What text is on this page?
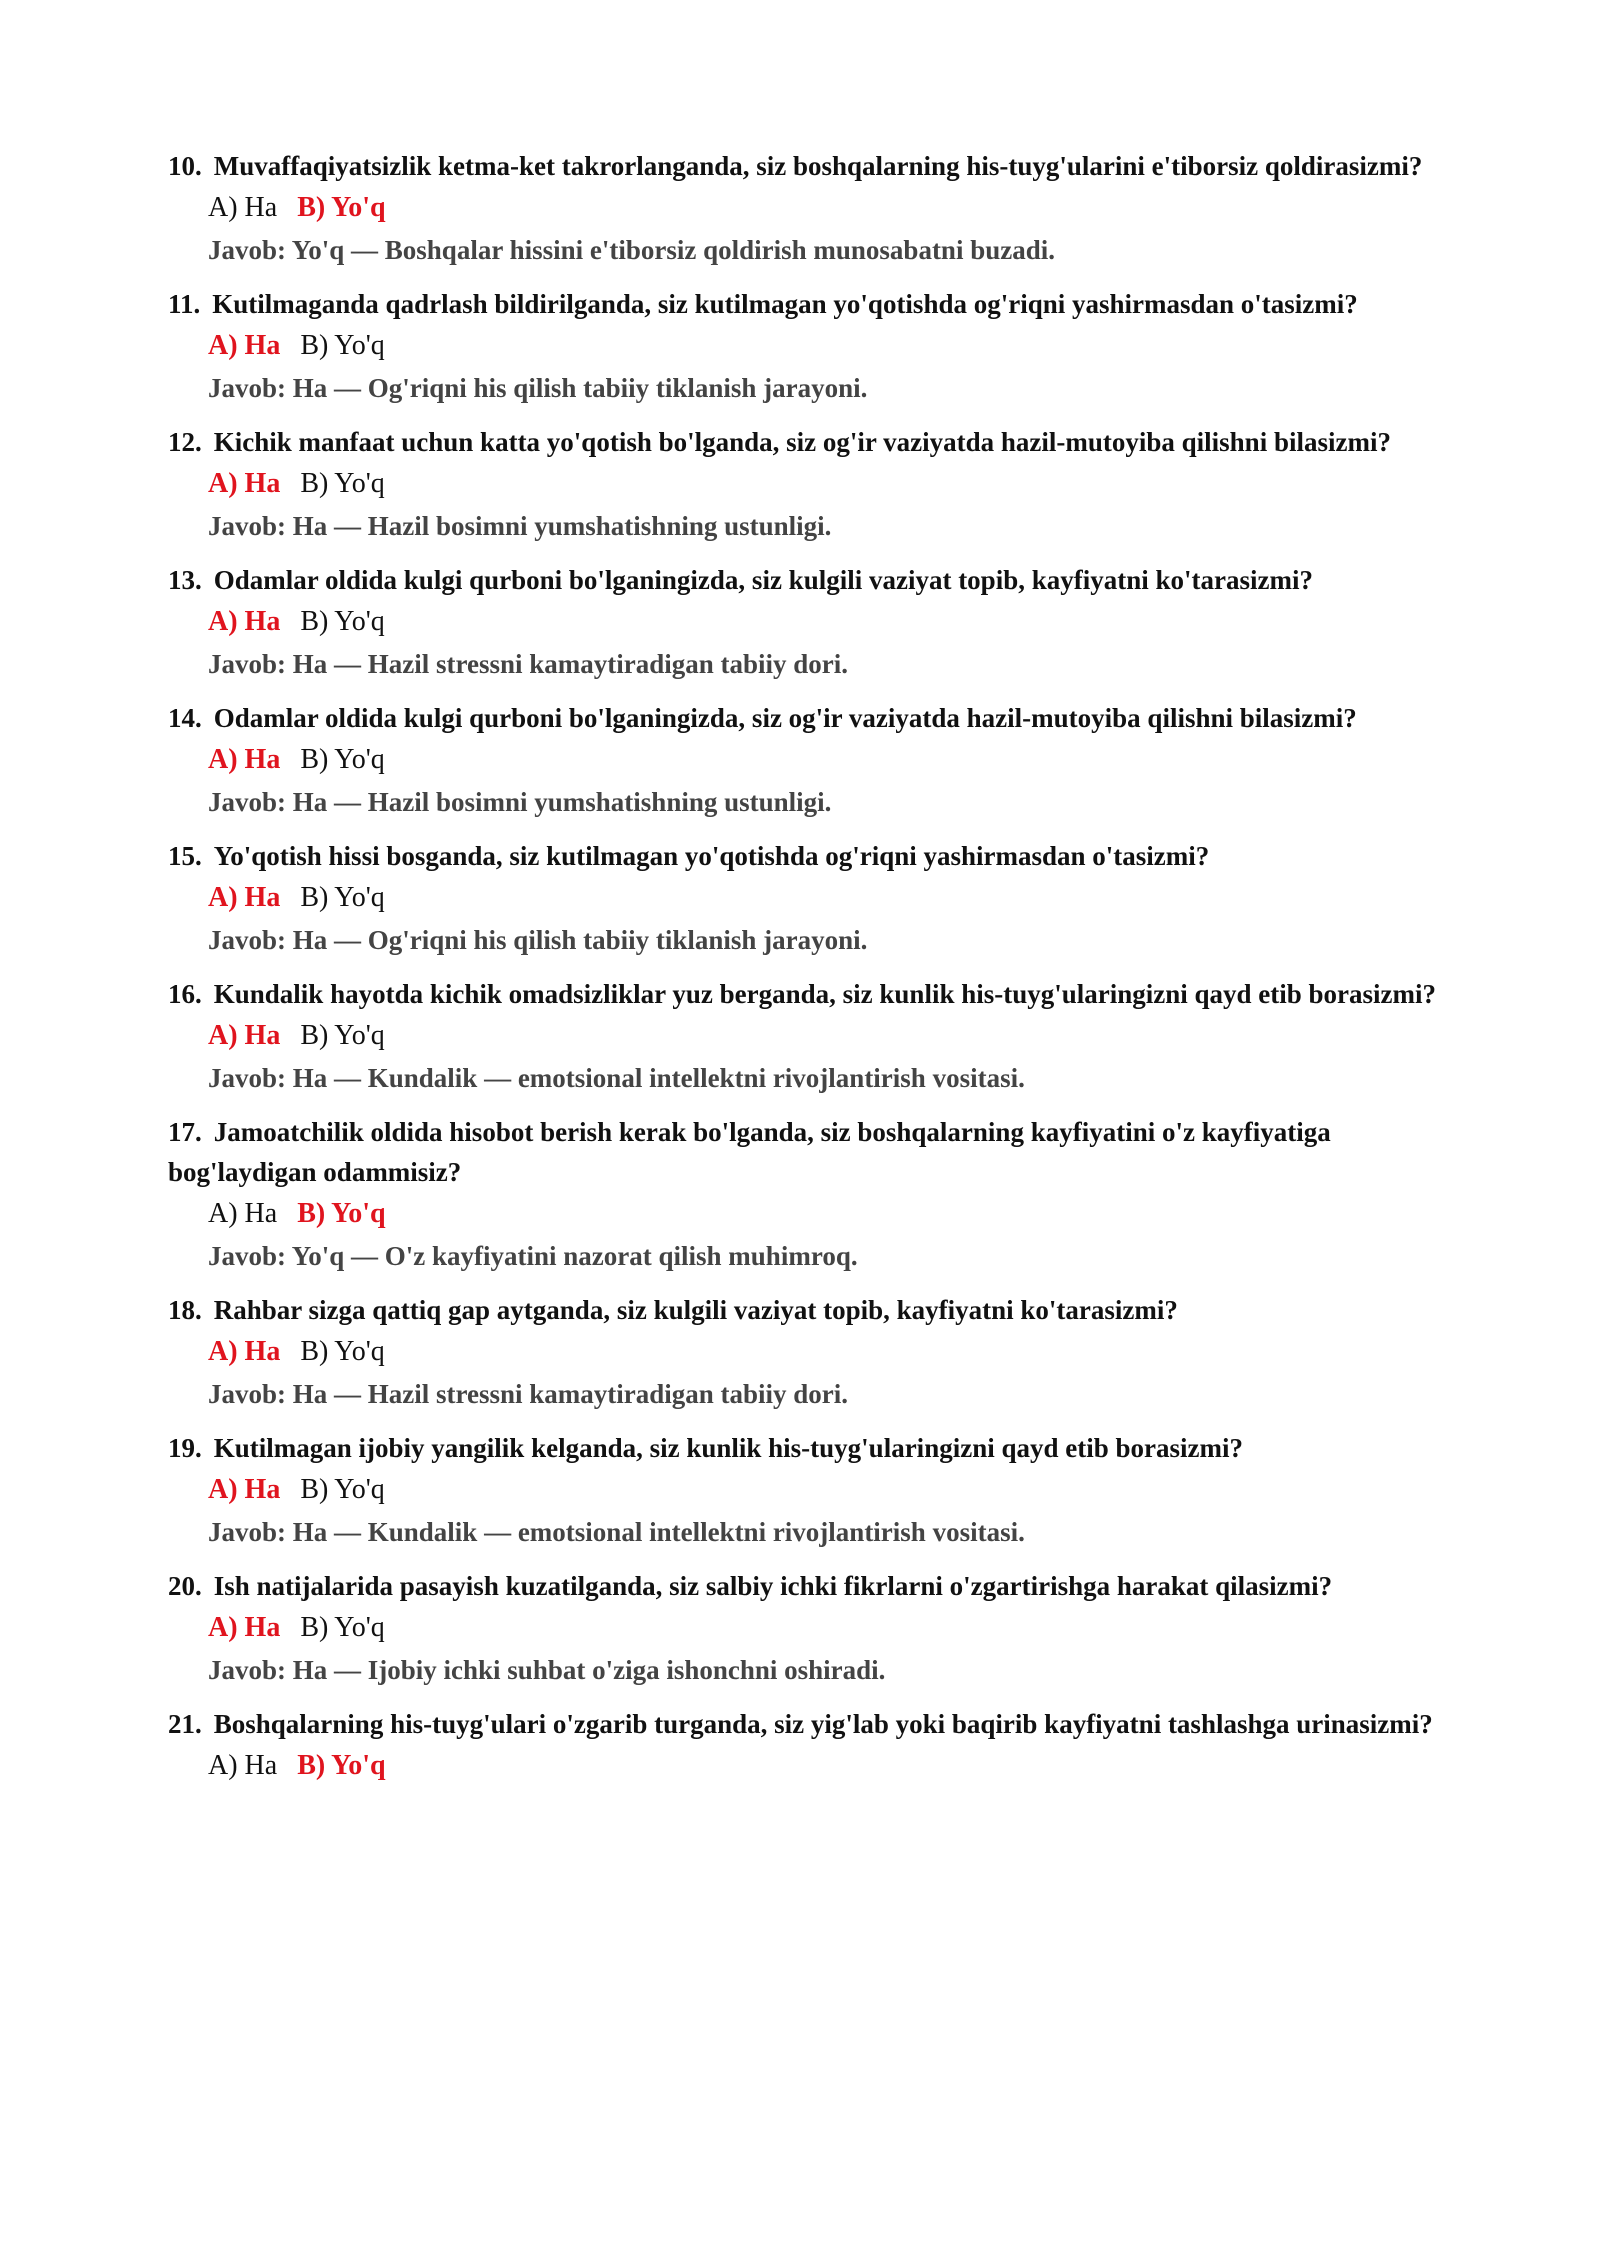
10. Muvaffaqiyatsizlik ketma-ket takrorlanganda, siz boshqalarning his-tuyg'ularini e'tiborsiz qoldirasizmi?

A) Ha B) Yo'q
Javob: Yo'q — Boshqalar hissini e'tiborsiz qoldirish munosabatni buzadi.

11. Kutilmaganda qadrlash bildirilganda, siz kutilmagan yo'qotishda og'riqni yashirmasdan o'tasizmi?

A) Ha B) Yo'q
Javob: Ha — Og'riqni his qilish tabiiy tiklanish jarayoni.

12. Kichik manfaat uchun katta yo'qotish bo'lganda, siz og'ir vaziyatda hazil-mutoyiba qilishni bilasizmi?

A) Ha B) Yo'q
Javob: Ha — Hazil bosimni yumshatishning ustunligi.

13. Odamlar oldida kulgi qurboni bo'lganingizda, siz kulgili vaziyat topib, kayfiyatni ko'tarasizmi?

A) Ha B) Yo'q
Javob: Ha — Hazil stressni kamaytiradigan tabiiy dori.

14. Odamlar oldida kulgi qurboni bo'lganingizda, siz og'ir vaziyatda hazil-mutoyiba qilishni bilasizmi?

A) Ha B) Yo'q
Javob: Ha — Hazil bosimni yumshatishning ustunligi.

15. Yo'qotish hissi bosganda, siz kutilmagan yo'qotishda og'riqni yashirmasdan o'tasizmi?

A) Ha B) Yo'q
Javob: Ha — Og'riqni his qilish tabiiy tiklanish jarayoni.

16. Kundalik hayotda kichik omadsizliklar yuz berganda, siz kunlik his-tuyg'ularingizni qayd etib borasizmi?

A) Ha B) Yo'q
Javob: Ha — Kundalik — emotsional intellektni rivojlantirish vositasi.

17. Jamoatchilik oldida hisobot berish kerak bo'lganda, siz boshqalarning kayfiyatini o'z kayfiyatiga bog'laydigan odammisiz?

A) Ha B) Yo'q
Javob: Yo'q — O'z kayfiyatini nazorat qilish muhimroq.

18. Rahbar sizga qattiq gap aytganda, siz kulgili vaziyat topib, kayfiyatni ko'tarasizmi?

A) Ha B) Yo'q
Javob: Ha — Hazil stressni kamaytiradigan tabiiy dori.

19. Kutilmagan ijobiy yangilik kelganda, siz kunlik his-tuyg'ularingizni qayd etib borasizmi?

A) Ha B) Yo'q
Javob: Ha — Kundalik — emotsional intellektni rivojlantirish vositasi.

20. Ish natijalarida pasayish kuzatilganda, siz salbiy ichki fikrlarni o'zgartirishga harakat qilasizmi?

A) Ha B) Yo'q
Javob: Ha — Ijobiy ichki suhbat o'ziga ishonchni oshiradi.

21. Boshqalarning his-tuyg'ulari o'zgarib turganda, siz yig'lab yoki baqirib kayfiyatni tashlashga urinasizmi?

A) Ha B) Yo'q
